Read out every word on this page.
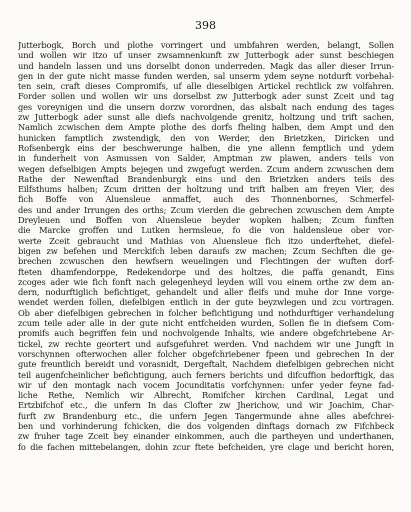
398
Jutterbogk, Borch und plothe vorringert und umbfahren werden, belangt, Sollen
und wollen wir itzo uf unser zwsamnenkunft zw Jutterbogk ader sunst beschiegen
und handeln lassen und uns dorselbt donon underreden. Magk das aller dieser Irrun-
gen in der gute nicht masse funden werden, sal unserm ydem seyne notdurft vorbehal-
ten sein, craft dieses Compromifs, uf alle dieselbigen Artickel rechtlick zw volfahren.
Forder sollen und wollen wir uns dorselbst zw Jutterbogk ader sunst Zceit und tag
ges voreynigen und die unsern dorzw vorordnen, das alsbalt nach endung des tages
zw Jutterbogk ader sunst alle diefs nachvolgende grenitz, holtzung und trift sachen,
Namlich zcwischen dem Ampte plothe des dorfs fheling halben, dem Ampt und den
hunicken famptlich zwstendigk, den von Werder, den Brietzken, Diricken und
Rofsenbergk eins der beschwerunge halben, die yne allenn femptlich und ydem
in funderheit von Asmussen von Salder, Amptman zw plawen, anders teils von
wegen defselbigen Ampts bejegen und zwgefugt werden. Zcum andern zcwuschen dem
Rathe der Newenftad Brandenburgk eins und den Brietzken anders teils des
Eilfsthums halben; Zcum dritten der holtzung und trift halben am freyen Vier, des
fich Boffe von Aluensleue anmaffet, auch des Thonnenbornes, Schmerfel-
des und ander Irrungen des orths; Zcum vierden die gebrechen zcwuschen dem Ampte
Dreyleuen und Boffen von Aluensleue beyder wopken halben; Zcum funften
die Marcke groffen und Lutken hermsleue, fo die von haldensleue ober vor-
werte Zceit gebraucht und Mathias von Aluensleue fich itzo underftehet, diefel-
bigen zw befehen und Merckifch leben daraufs zw machen; Zcum Sechften die ge-
brechen zcwuschen den hewfsern weuelingen und Flechtingen der wuften dorf-
fteten dhamfendorppe, Redekendorpe und des holtzes, die paffa genandt, Eins
zcoges ader wie fich fonft nach gelegenheyd leyden will vou einem orthe zw dem an-
dern, nodurftiglich befichtiget, gehandelt und aller fleifs und muhe dor Inne vorge-
wendet werden follen, diefelbigen entlich in der gute beyzwlegen und zcu vortragen.
Ob aber diefelbigen gebrechen in folcher befichtigung und nothdurftiger verhandelung
zcum teile ader alle in der gute nicht entfcheiden wurden, Sollen fie in diefsem Com-
promifs auch begriffen fein und nochvolgende Inhalts, wie andere obgefchriebene Ar-
tickel, zw rechte geortert und aufsgefuhret werden. Vnd nachdem wir une Jungft in
vorschynnen ofterwochen aller folcher obgefchriebener fpeen und gebrechen In der
gute freuntlich bereidt und vorasnidt, Dergeftalt, Nachdem diefelbigen gebrechen nicht
teil augenfcheinlicher befichtigung, auch ferners berichts und difcuffion bedorftigk, das
wir uf den montagk nach vocem Jocunditatis vorfchynnen: unfer yeder feyne fad-
liche Rethe, Nemlich wir Albrecht, Romifcher kirchen Cardinal, Legat und
Ertzbifchof etc., die unfern In das Clofter zw Jherichow, und wir Joachim, Char-
furft zw Brandenburg etc., die unfern Jegen Tangermunde ahne alles abefchrei-
ben und vorhinderung fchicken, die dos volgenden dinftags dornach zw Fifchbeck
zw fruher tage Zceit bey einander einkommen, auch die partheyen und underthanen,
fo die fachen mittebelangen, dohin zcur ftete befcheiden, yre clage und bericht horen,
